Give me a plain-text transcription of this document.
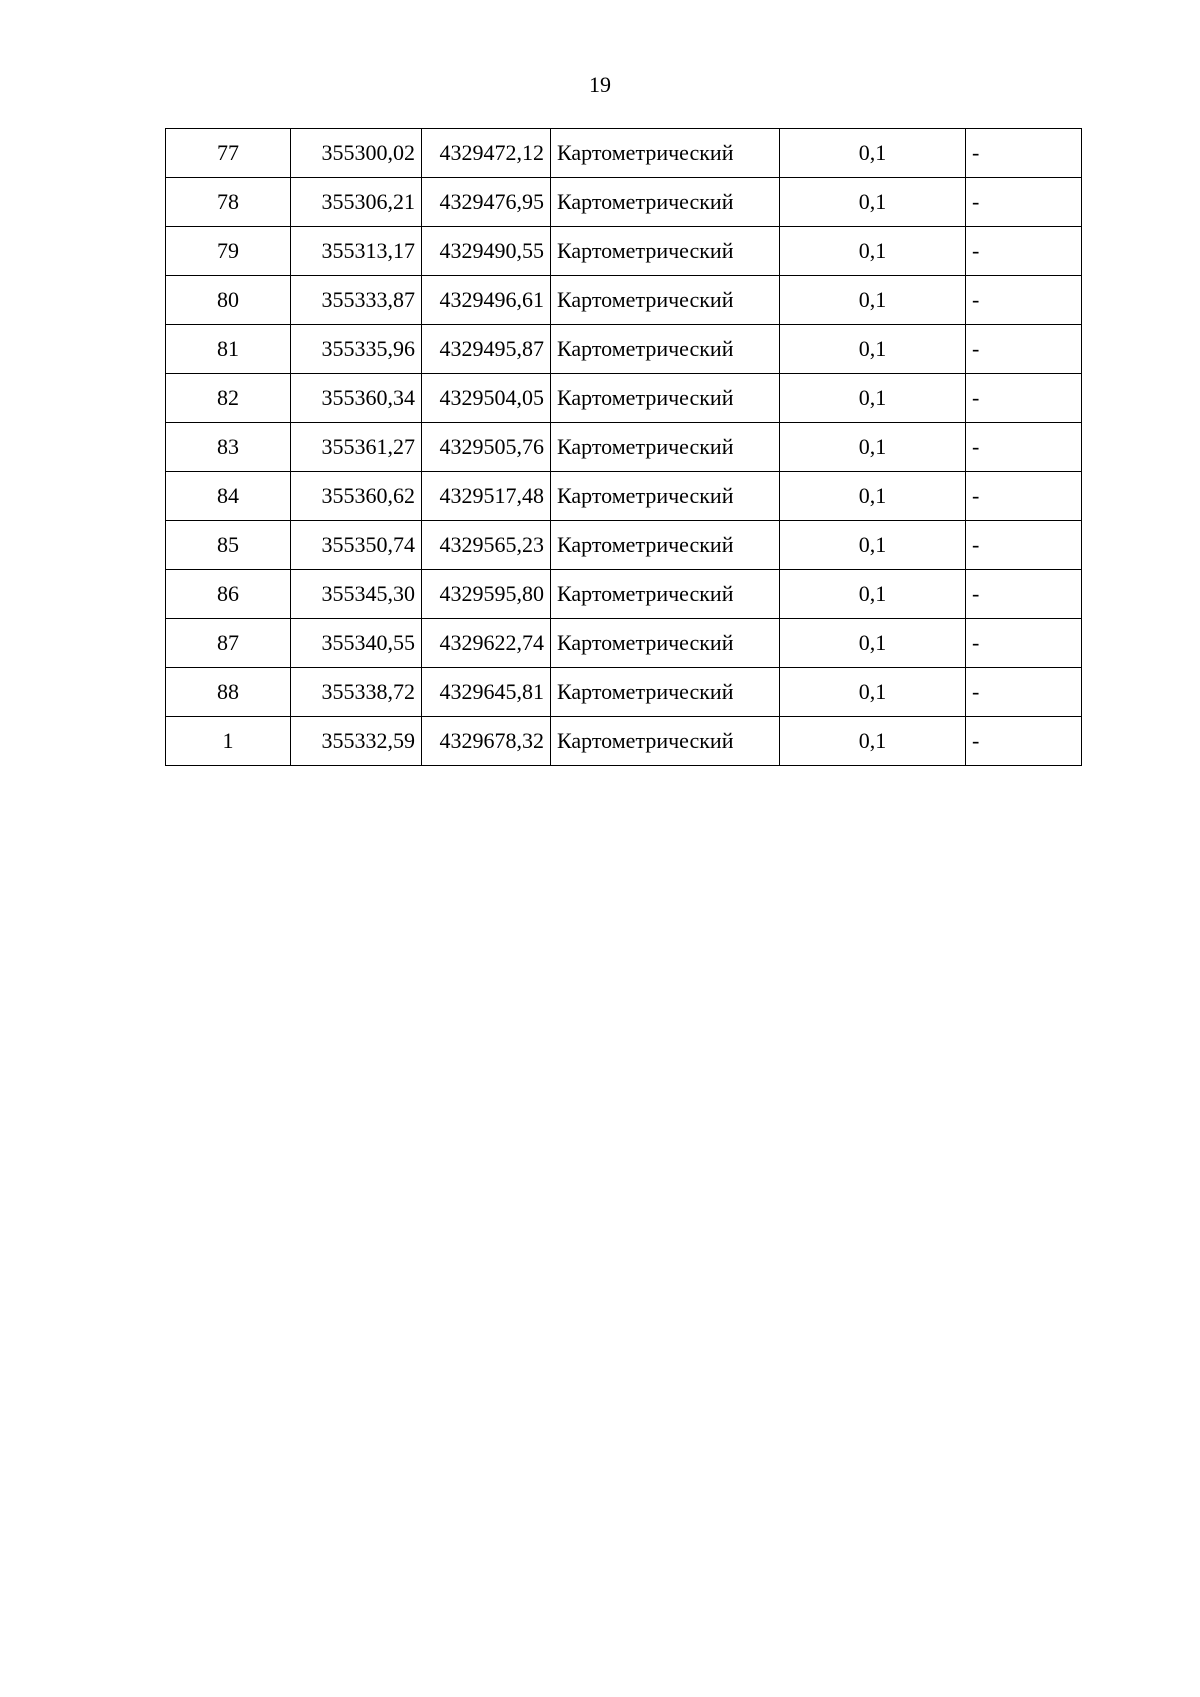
19
77	355300,02	4329472,12	Картометрический	0,1	-
78	355306,21	4329476,95	Картометрический	0,1	-
79	355313,17	4329490,55	Картометрический	0,1	-
80	355333,87	4329496,61	Картометрический	0,1	-
81	355335,96	4329495,87	Картометрический	0,1	-
82	355360,34	4329504,05	Картометрический	0,1	-
83	355361,27	4329505,76	Картометрический	0,1	-
84	355360,62	4329517,48	Картометрический	0,1	-
85	355350,74	4329565,23	Картометрический	0,1	-
86	355345,30	4329595,80	Картометрический	0,1	-
87	355340,55	4329622,74	Картометрический	0,1	-
88	355338,72	4329645,81	Картометрический	0,1	-
1	355332,59	4329678,32	Картометрический	0,1	-
